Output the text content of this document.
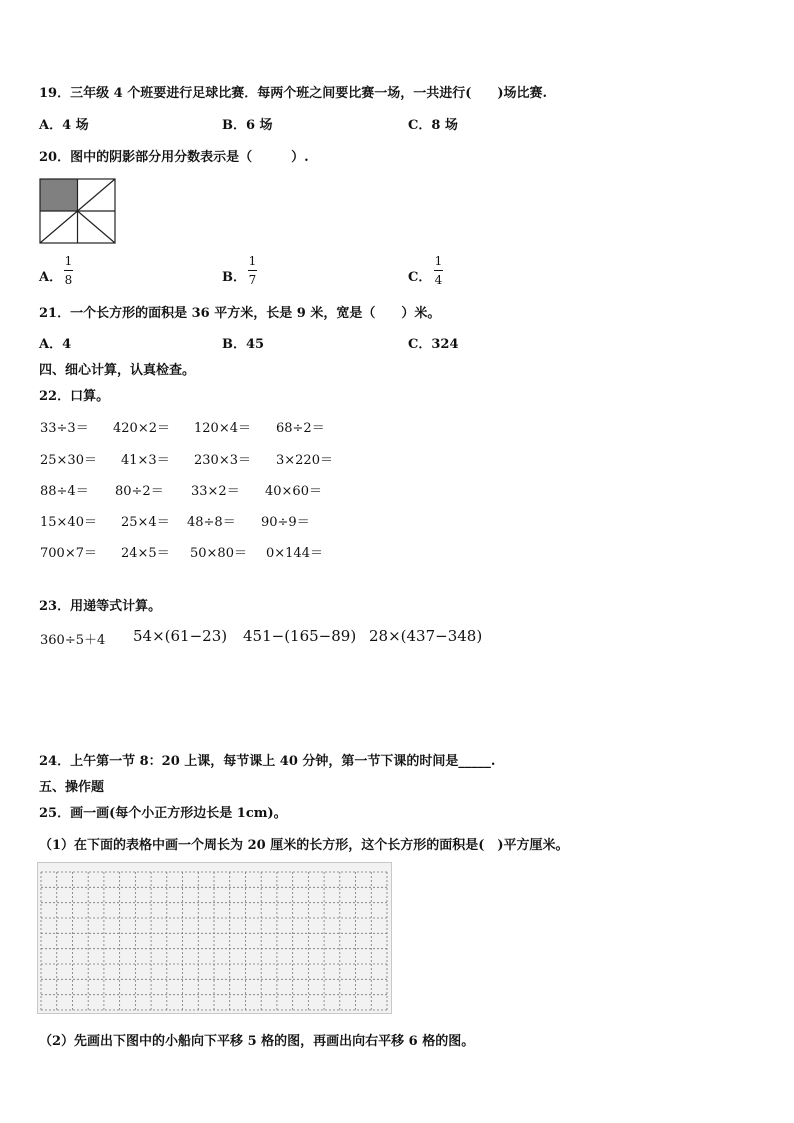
19．三年级 4 个班要进行足球比赛．每两个班之间要比赛一场，一共进行(　　)场比赛.
A．4 场	B．6 场	C．8 场
20．图中的阴影部分用分数表示是（　　　）.
A．
1
8	B．
1
7	C．
1
4
21．一个长方形的面积是 36 平方米，长是 9 米，宽是（　　）米。
A．4	B．45	C．324
四、细心计算，认真检查。
22．口算。
33÷3＝ 420×2＝ 120×4＝ 68÷2＝
25×30＝ 41×3＝ 230×3＝ 3×220＝
88÷4＝ 80÷2＝ 33×2＝ 40×60＝
15×40＝ 25×4＝ 48÷8＝ 90÷9＝
700×7＝ 24×5＝ 50×80＝ 0×144＝
23．用递等式计算。
360÷5＋4 54×(61−23) 451−(165−89) 28×(437−348)
24．上午第一节 8：20 上课，每节课上 40 分钟，第一节下课的时间是_____.
五、操作题
25．画一画(每个小正方形边长是 1cm)。
（1）在下面的表格中画一个周长为 20 厘米的长方形，这个长方形的面积是(　)平方厘米。
（2）先画出下图中的小船向下平移 5 格的图，再画出向右平移 6 格的图。
